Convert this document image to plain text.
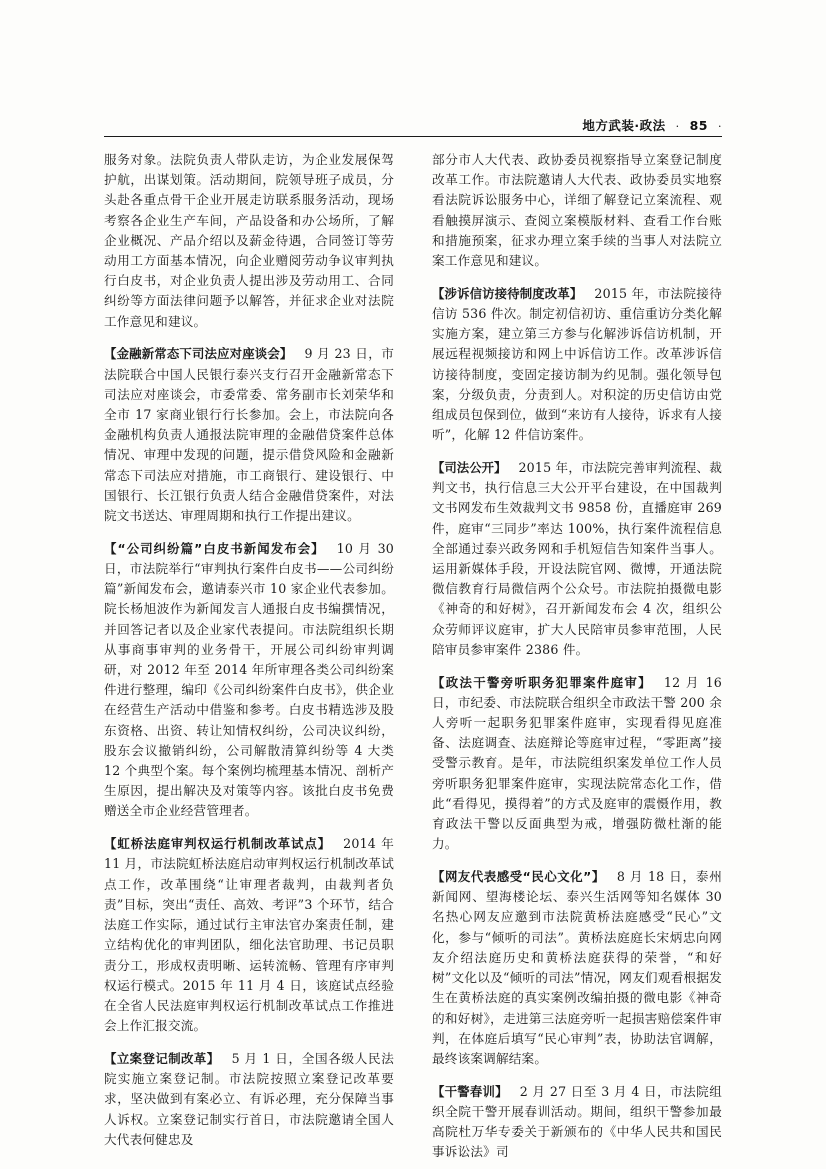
地方武装·政法 · 85 ·

服务对象。法院负责人带队走访，为企业发展保驾护航，出谋划策。活动期间，院领导班子成员，分头赴各重点骨干企业开展走访联系服务活动，现场考察各企业生产车间，产品设备和办公场所，了解企业概况、产品介绍以及薪金待遇，合同签订等劳动用工方面基本情况，向企业赠阅劳动争议审判执行白皮书，对企业负责人提出涉及劳动用工、合同纠纷等方面法律问题予以解答，并征求企业对法院工作意见和建议。

【金融新常态下司法应对座谈会】 9 月 23 日，市法院联合中国人民银行泰兴支行召开金融新常态下司法应对座谈会，市委常委、常务副市长刘荣华和全市 17 家商业银行行长参加。会上，市法院向各金融机构负责人通报法院审理的金融借贷案件总体情况、审理中发现的问题，提示借贷风险和金融新常态下司法应对措施，市工商银行、建设银行、中国银行、长江银行负责人结合金融借贷案件，对法院文书送达、审理周期和执行工作提出建议。

【“公司纠纷篇”白皮书新闻发布会】 10 月 30 日，市法院举行“审判执行案件白皮书——公司纠纷篇”新闻发布会，邀请泰兴市 10 家企业代表参加。院长杨旭波作为新闻发言人通报白皮书编撰情况，并回答记者以及企业家代表提问。市法院组织长期从事商事审判的业务骨干，开展公司纠纷审判调研，对 2012 年至 2014 年所审理各类公司纠纷案件进行整理，编印《公司纠纷案件白皮书》，供企业在经营生产活动中借鉴和参考。白皮书精选涉及股东资格、出资、转让知情权纠纷，公司决议纠纷，股东会议撤销纠纷，公司解散清算纠纷等 4 大类 12 个典型个案。每个案例均梳理基本情况、剖析产生原因，提出解决及对策等内容。该批白皮书免费赠送全市企业经营管理者。

【虹桥法庭审判权运行机制改革试点】 2014 年 11 月，市法院虹桥法庭启动审判权运行机制改革试点工作，改革围绕“让审理者裁判，由裁判者负责”目标，突出“责任、高效、考评”3 个环节，结合法庭工作实际，通过试行主审法官办案责任制，建立结构优化的审判团队，细化法官助理、书记员职责分工，形成权责明晰、运转流畅、管理有序审判权运行模式。2015 年 11 月 4 日，该庭试点经验在全省人民法庭审判权运行机制改革试点工作推进会上作汇报交流。

【立案登记制改革】 5 月 1 日，全国各级人民法院实施立案登记制。市法院按照立案登记改革要求，坚决做到有案必立、有诉必理，充分保障当事人诉权。立案登记制实行首日，市法院邀请全国人大代表何健忠及

部分市人大代表、政协委员视察指导立案登记制度改革工作。市法院邀请人大代表、政协委员实地察看法院诉讼服务中心，详细了解登记立案流程、观看触摸屏演示、查阅立案模版材料、查看工作台账和措施预案，征求办理立案手续的当事人对法院立案工作意见和建议。

【涉诉信访接待制度改革】 2015 年，市法院接待信访 536 件次。制定初信初访、重信重访分类化解实施方案，建立第三方参与化解涉诉信访机制，开展远程视频接访和网上中诉信访工作。改革涉诉信访接待制度，变固定接访制为约见制。强化领导包案，分级负责，分责到人。对积淀的历史信访由党组成员包保到位，做到“来访有人接待，诉求有人接听”，化解 12 件信访案件。

【司法公开】 2015 年，市法院完善审判流程、裁判文书，执行信息三大公开平台建设，在中国裁判文书网发布生效裁判文书 9858 份，直播庭审 269 件，庭审“三同步”率达 100%，执行案件流程信息全部通过泰兴政务网和手机短信告知案件当事人。运用新媒体手段，开设法院官网、微博，开通法院微信教育行局微信两个公众号。市法院拍摄微电影《神奇的和好树》，召开新闻发布会 4 次，组织公众劳师评议庭审，扩大人民陪审员参审范围，人民陪审员参审案件 2386 件。

【政法干警旁听职务犯罪案件庭审】 12 月 16 日，市纪委、市法院联合组织全市政法干警 200 余人旁听一起职务犯罪案件庭审，实现看得见庭准备、法庭调查、法庭辩论等庭审过程，“零距离”接受警示教育。是年，市法院组织案发单位工作人员旁听职务犯罪案件庭审，实现法院常态化工作，借此“看得见，摸得着”的方式及庭审的震慑作用，教育政法干警以反面典型为戒，增强防微杜渐的能力。

【网友代表感受“民心文化”】 8 月 18 日，泰州新闻网、望海楼论坛、泰兴生活网等知名媒体 30 名热心网友应邀到市法院黄桥法庭感受“民心”文化，参与“倾听的司法”。黄桥法庭庭长宋炳忠向网友介绍法庭历史和黄桥法庭获得的荣誉，“和好树”文化以及“倾听的司法”情况，网友们观看根据发生在黄桥法庭的真实案例改编拍摄的微电影《神奇的和好树》，走进第三法庭旁听一起损害赔偿案件审判，在体庭后填写“民心审判”表，协助法官调解，最终该案调解结案。

【干警春训】 2 月 27 日至 3 月 4 日，市法院组织全院干警开展春训活动。期间，组织干警参加最高院杜万华专委关于新颁布的《中华人民共和国民事诉讼法》司
